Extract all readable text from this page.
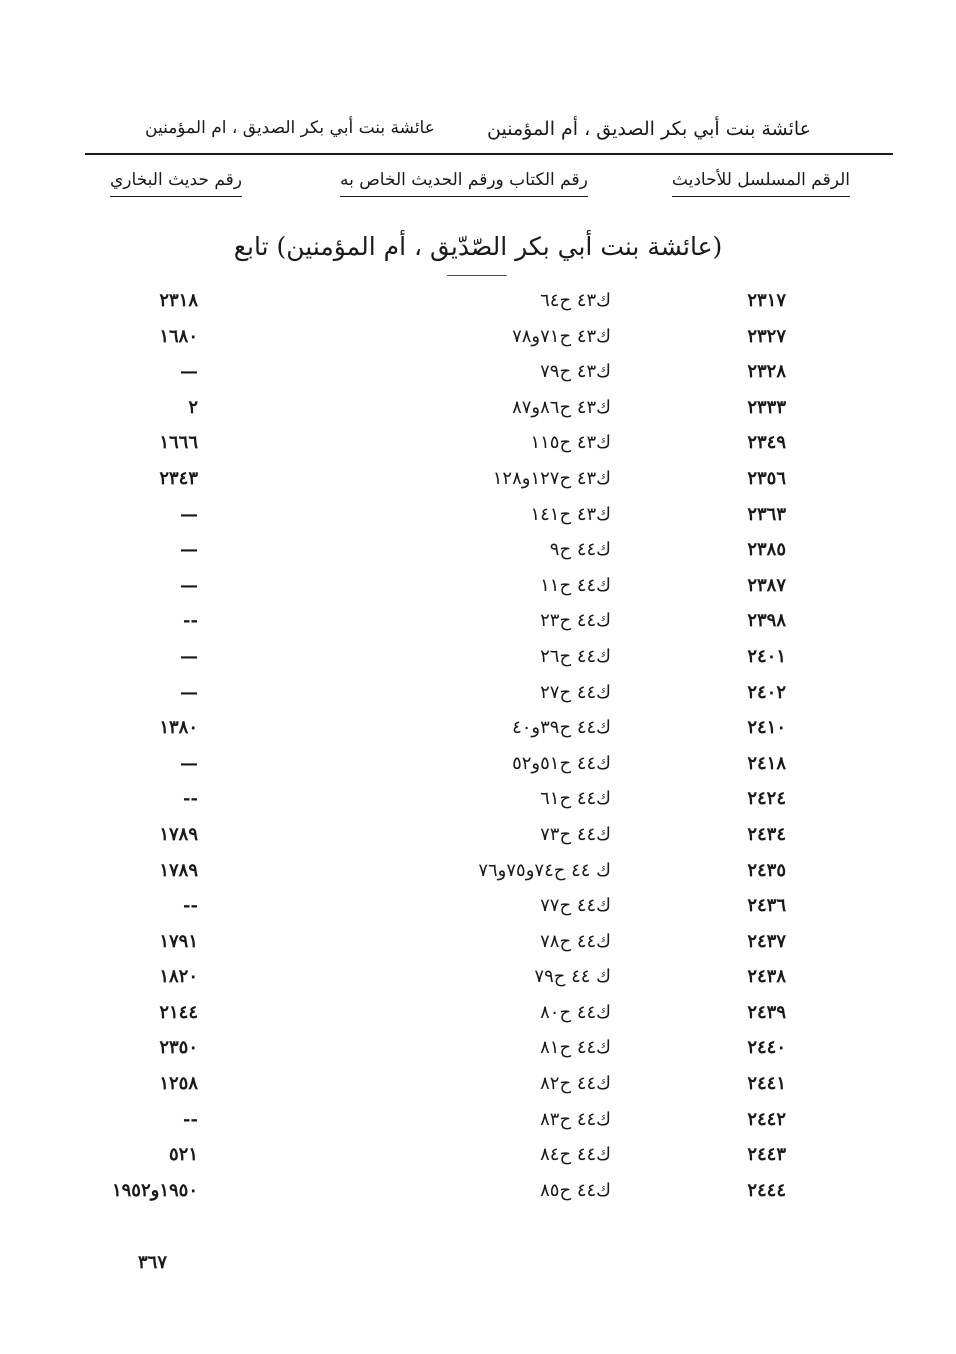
عائشة بنت أبي بكر الصديق ، أم المؤمنين
عائشة بنت أبي بكر الصديق ، ام المؤمنين
الرقم المسلسل للأحاديث
رقم الكتاب ورقم الحديث الخاص به
رقم حديث البخاري
(عائشة بنت أبي بكر الصّدّيق ، أم المؤمنين) تابع
٢٣١٧
ك٤٣ ح٦٤
٢٣١٨
٢٣٢٧
ك٤٣ ح٧١و٧٨
١٦٨٠
٢٣٢٨
ك٤٣ ح٧٩
—
٢٣٣٣
ك٤٣ ح٨٦و٨٧
٢
٢٣٤٩
ك٤٣ ح١١٥
١٦٦٦
٢٣٥٦
ك٤٣ ح١٢٧و١٢٨
٢٣٤٣
٢٣٦٣
ك٤٣ ح١٤١
—
٢٣٨٥
ك٤٤ ح٩
—
٢٣٨٧
ك٤٤ ح١١
—
٢٣٩٨
ك٤٤ ح٢٣
--
٢٤٠١
ك٤٤ ح٢٦
—
٢٤٠٢
ك٤٤ ح٢٧
—
٢٤١٠
ك٤٤ ح٣٩و٤٠
١٣٨٠
٢٤١٨
ك٤٤ ح٥١و٥٢
—
٢٤٢٤
ك٤٤ ح٦١
--
٢٤٣٤
ك٤٤ ح٧٣
١٧٨٩
٢٤٣٥
ك ٤٤ ح٧٤و٧٥و٧٦
١٧٨٩
٢٤٣٦
ك٤٤ ح٧٧
--
٢٤٣٧
ك٤٤ ح٧٨
١٧٩١
٢٤٣٨
ك ٤٤ ح٧٩
١٨٢٠
٢٤٣٩
ك٤٤ ح٨٠
٢١٤٤
٢٤٤٠
ك٤٤ ح٨١
٢٣٥٠
٢٤٤١
ك٤٤ ح٨٢
١٢٥٨
٢٤٤٢
ك٤٤ ح٨٣
--
٢٤٤٣
ك٤٤ ح٨٤
٥٢١
٢٤٤٤
ك٤٤ ح٨٥
١٩٥٠و١٩٥٢
٣٦٧
